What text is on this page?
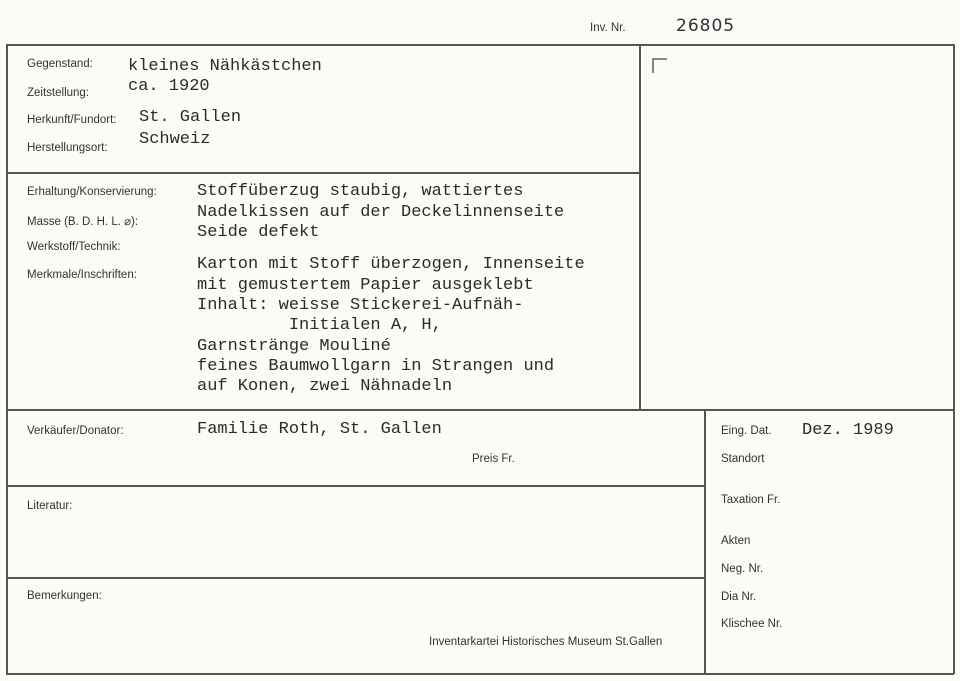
Inv. Nr.	26805
Gegenstand: kleines Nähkästchen
Zeitstellung: ca. 1920
Herkunft/Fundort: St. Gallen
Herstellungsort: Schweiz
Erhaltung/Konservierung:
Masse (B. D. H. L. ⌀):
Werkstoff/Technik:
Merkmale/Inschriften:
Stoffüberzug staubig, wattiertes
Nadelkissen auf der Deckelinnenseite
Seide defekt
Karton mit Stoff überzogen, Innenseite
mit gemustertem Papier ausgeklebt
Inhalt: weisse Stickerei-Aufnäh-
Initialen A, H,
Garnstränge Mouliné
feines Baumwollgarn in Strangen und
auf Konen, zwei Nähnadeln
Verkäufer/Donator:	Familie Roth, St. Gallen
Preis Fr.
Eing. Dat. Dez. 1989
Standort
Taxation Fr.
Akten
Neg. Nr.
Dia Nr.
Klischee Nr.
Literatur:
Bemerkungen:
Inventarkartei Historisches Museum St.Gallen
